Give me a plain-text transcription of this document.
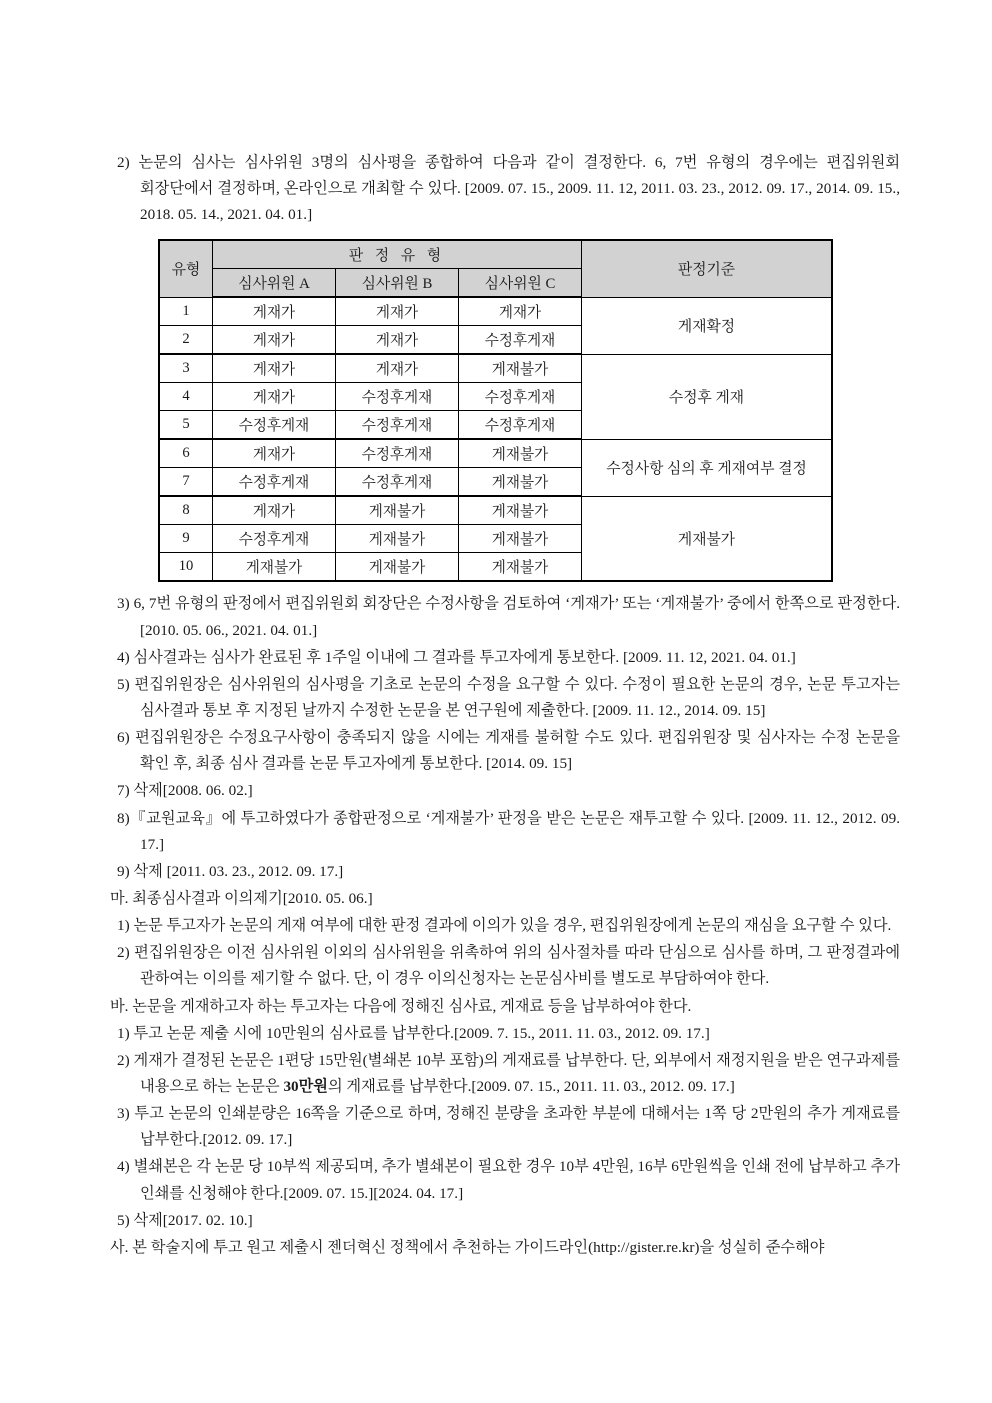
2) 논문의 심사는 심사위원 3명의 심사평을 종합하여 다음과 같이 결정한다. 6, 7번 유형의 경우에는 편집위원회 회장단에서 결정하며, 온라인으로 개최할 수 있다. [2009. 07. 15., 2009. 11. 12, 2011. 03. 23., 2012. 09. 17., 2014. 09. 15., 2018. 05. 14., 2021. 04. 01.]

유형	판 정 유 형			판정기준
	심사위원 A	심사위원 B	심사위원 C	
1	게재가	게재가	게재가	게재확정
2	게재가	게재가	수정후게재	
3	게재가	게재가	게재불가	수정후 게재
4	게재가	수정후게재	수정후게재	
5	수정후게재	수정후게재	수정후게재	
6	게재가	수정후게재	게재불가	수정사항 심의 후 게재여부 결정
7	수정후게재	수정후게재	게재불가	
8	게재가	게재불가	게재불가	게재불가
9	수정후게재	게재불가	게재불가	
10	게재불가	게재불가	게재불가	

3) 6, 7번 유형의 판정에서 편집위원회 회장단은 수정사항을 검토하여 ‘게재가’ 또는 ‘게재불가’ 중에서 한쪽으로 판정한다. [2010. 05. 06., 2021. 04. 01.]

4) 심사결과는 심사가 완료된 후 1주일 이내에 그 결과를 투고자에게 통보한다. [2009. 11. 12, 2021. 04. 01.]

5) 편집위원장은 심사위원의 심사평을 기초로 논문의 수정을 요구할 수 있다. 수정이 필요한 논문의 경우, 논문 투고자는 심사결과 통보 후 지정된 날까지 수정한 논문을 본 연구원에 제출한다. [2009. 11. 12., 2014. 09. 15]

6) 편집위원장은 수정요구사항이 충족되지 않을 시에는 게재를 불허할 수도 있다. 편집위원장 및 심사자는 수정 논문을 확인 후, 최종 심사 결과를 논문 투고자에게 통보한다. [2014. 09. 15]

7) 삭제[2008. 06. 02.]

8)『교원교육』에 투고하였다가 종합판정으로 ‘게재불가’ 판정을 받은 논문은 재투고할 수 있다. [2009. 11. 12., 2012. 09. 17.]

9) 삭제 [2011. 03. 23., 2012. 09. 17.]

마. 최종심사결과 이의제기[2010. 05. 06.]

1) 논문 투고자가 논문의 게재 여부에 대한 판정 결과에 이의가 있을 경우, 편집위원장에게 논문의 재심을 요구할 수 있다.

2) 편집위원장은 이전 심사위원 이외의 심사위원을 위촉하여 위의 심사절차를 따라 단심으로 심사를 하며, 그 판정결과에 관하여는 이의를 제기할 수 없다. 단, 이 경우 이의신청자는 논문심사비를 별도로 부담하여야 한다.

바. 논문을 게재하고자 하는 투고자는 다음에 정해진 심사료, 게재료 등을 납부하여야 한다.

1) 투고 논문 제출 시에 10만원의 심사료를 납부한다.[2009. 7. 15., 2011. 11. 03., 2012. 09. 17.]

2) 게재가 결정된 논문은 1편당 15만원(별쇄본 10부 포함)의 게재료를 납부한다. 단, 외부에서 재정지원을 받은 연구과제를 내용으로 하는 논문은 30만원의 게재료를 납부한다.[2009. 07. 15., 2011. 11. 03., 2012. 09. 17.]

3) 투고 논문의 인쇄분량은 16쪽을 기준으로 하며, 정해진 분량을 초과한 부분에 대해서는 1쪽 당 2만원의 추가 게재료를 납부한다.[2012. 09. 17.]

4) 별쇄본은 각 논문 당 10부씩 제공되며, 추가 별쇄본이 필요한 경우 10부 4만원, 16부 6만원씩을 인쇄 전에 납부하고 추가 인쇄를 신청해야 한다.[2009. 07. 15.][2024. 04. 17.]

5) 삭제[2017. 02. 10.]

사. 본 학술지에 투고 원고 제출시 젠더혁신 정책에서 추천하는 가이드라인(http://gister.re.kr)을 성실히 준수해야
